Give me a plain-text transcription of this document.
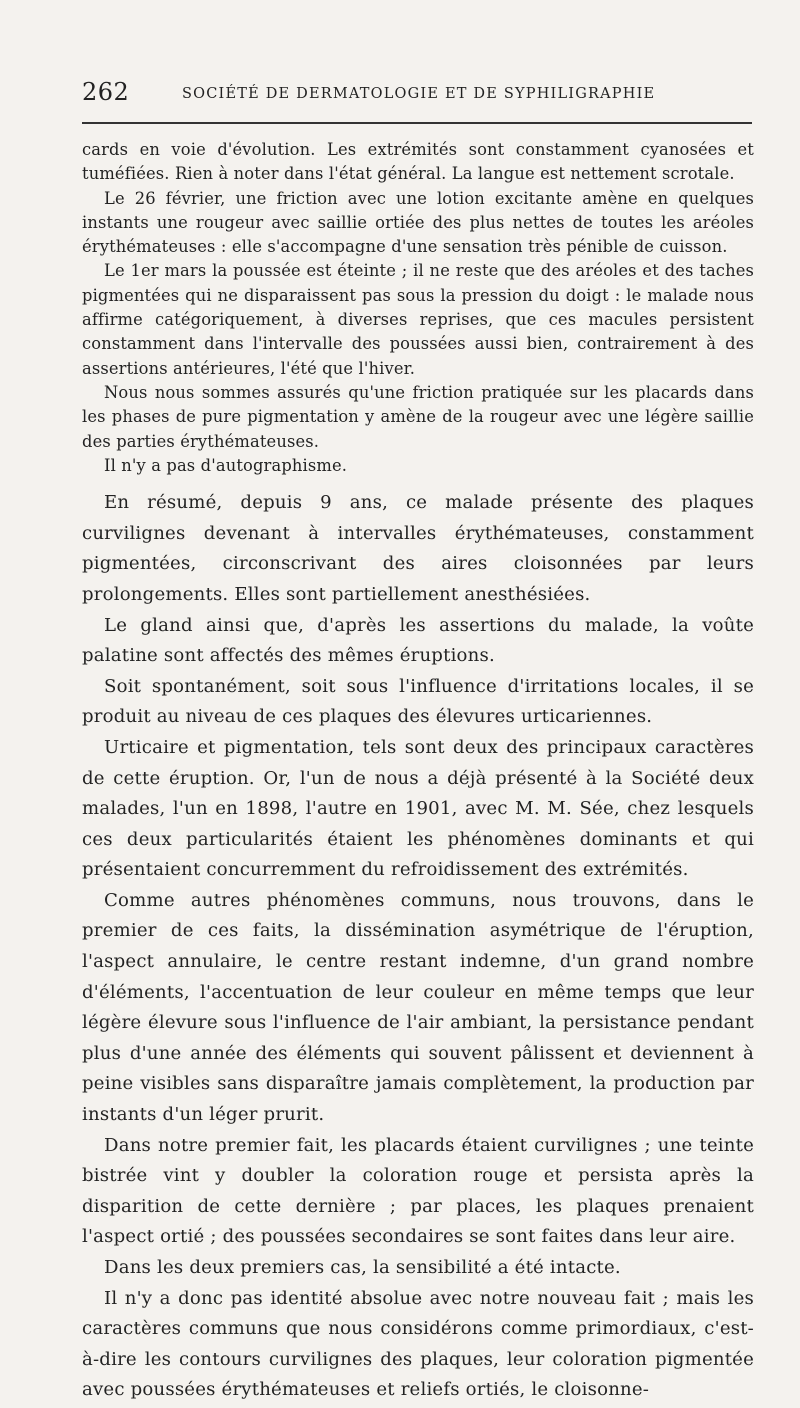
262	SOCIÉTÉ DE DERMATOLOGIE ET DE SYPHILIGRAPHIE

cards en voie d'évolution. Les extrémités sont constamment cyanosées et tuméfiées. Rien à noter dans l'état général. La langue est nettement scrotale.

Le 26 février, une friction avec une lotion excitante amène en quelques instants une rougeur avec saillie ortiée des plus nettes de toutes les aréoles érythémateuses : elle s'accompagne d'une sensation très pénible de cuisson.

Le 1er mars la poussée est éteinte ; il ne reste que des aréoles et des taches pigmentées qui ne disparaissent pas sous la pression du doigt : le malade nous affirme catégoriquement, à diverses reprises, que ces macules persistent constamment dans l'intervalle des poussées aussi bien, contrairement à des assertions antérieures, l'été que l'hiver.

Nous nous sommes assurés qu'une friction pratiquée sur les placards dans les phases de pure pigmentation y amène de la rougeur avec une légère saillie des parties érythémateuses.

Il n'y a pas d'autographisme.

En résumé, depuis 9 ans, ce malade présente des plaques curvilignes devenant à intervalles érythémateuses, constamment pigmentées, circonscrivant des aires cloisonnées par leurs prolongements. Elles sont partiellement anesthésiées.

Le gland ainsi que, d'après les assertions du malade, la voûte palatine sont affectés des mêmes éruptions.

Soit spontanément, soit sous l'influence d'irritations locales, il se produit au niveau de ces plaques des élevures urticariennes.

Urticaire et pigmentation, tels sont deux des principaux caractères de cette éruption. Or, l'un de nous a déjà présenté à la Société deux malades, l'un en 1898, l'autre en 1901, avec M. M. Sée, chez lesquels ces deux particularités étaient les phénomènes dominants et qui présentaient concurremment du refroidissement des extrémités.

Comme autres phénomènes communs, nous trouvons, dans le premier de ces faits, la dissémination asymétrique de l'éruption, l'aspect annulaire, le centre restant indemne, d'un grand nombre d'éléments, l'accentuation de leur couleur en même temps que leur légère élevure sous l'influence de l'air ambiant, la persistance pendant plus d'une année des éléments qui souvent pâlissent et deviennent à peine visibles sans disparaître jamais complètement, la production par instants d'un léger prurit.

Dans notre premier fait, les placards étaient curvilignes ; une teinte bistrée vint y doubler la coloration rouge et persista après la disparition de cette dernière ; par places, les plaques prenaient l'aspect ortié ; des poussées secondaires se sont faites dans leur aire.

Dans les deux premiers cas, la sensibilité a été intacte.

Il n'y a donc pas identité absolue avec notre nouveau fait ; mais les caractères communs que nous considérons comme primordiaux, c'est-à-dire les contours curvilignes des plaques, leur coloration pigmentée avec poussées érythémateuses et reliefs ortiés, le cloisonne-
